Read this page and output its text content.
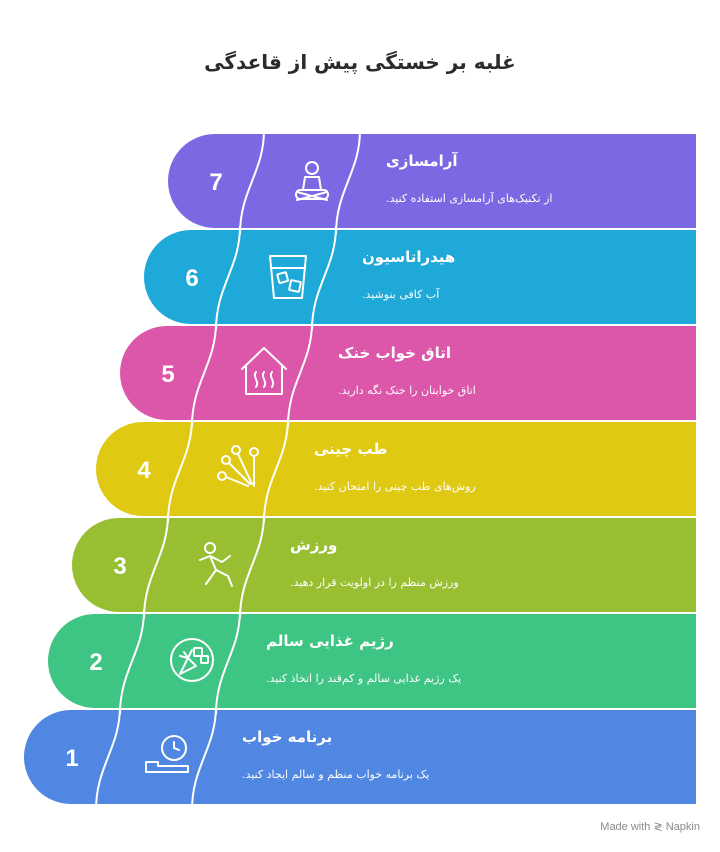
غلبه بر خستگی پیش از قاعدگی
7
آرامسازی
.از تکنیک‌های آرامسازی استفاده کنید
6
هیدراتاسیون
.آب کافی بنوشید
5
اتاق خواب خنک
.اتاق خوابتان را خنک نگه دارید
4
طب چینی
.روش‌های طب چینی را امتحان کنید
3
ورزش
.ورزش منظم را در اولویت قرار دهید
2
رژیم غذایی سالم
.یک رژیم غذایی سالم و کم‌قند را اتخاذ کنید
1
برنامه خواب
.یک برنامه خواب منظم و سالم ایجاد کنید
Made with ≷ Napkin
